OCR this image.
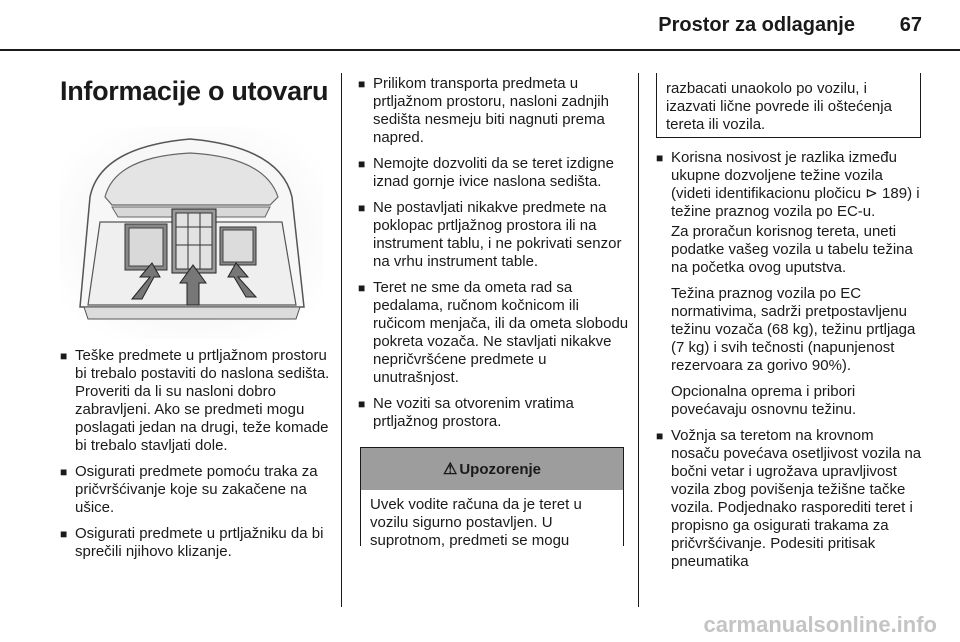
Prostor za odlaganje 67
Informacije o utovaru
■ Teške predmete u prtljažnom prostoru bi trebalo postaviti do naslona sedišta. Proveriti da li su nasloni dobro zabravljeni. Ako se predmeti mogu poslagati jedan na drugi, teže komade bi trebalo stavljati dole.
■ Osigurati predmete pomoću traka za pričvršćivanje koje su zakačene na ušice.
■ Osigurati predmete u prtljažniku da bi sprečili njihovo klizanje.
■ Prilikom transporta predmeta u prtljažnom prostoru, nasloni zadnjih sedišta nesmeju biti nagnuti prema napred.
■ Nemojte dozvoliti da se teret izdigne iznad gornje ivice naslona sedišta.
■ Ne postavljati nikakve predmete na poklopac prtljažnog prostora ili na instrument tablu, i ne pokrivati senzor na vrhu instrument table.
■ Teret ne sme da ometa rad sa pedalama, ručnom kočnicom ili ručicom menjača, ili da ometa slobodu pokreta vozača. Ne stavljati nikakve nepričvršćene predmete u unutrašnjost.
■ Ne voziti sa otvorenim vratima prtljažnog prostora.
⚠ Upozorenje
Uvek vodite računa da je teret u vozilu sigurno postavljen. U suprotnom, predmeti se mogu
razbacati unaokolo po vozilu, i izazvati lične povrede ili oštećenja tereta ili vozila.
■ Korisna nosivost je razlika između ukupne dozvoljene težine vozila (videti identifikacionu pločicu ⊳ 189) i težine praznog vozila po EC-u.

Za proračun korisnog tereta, uneti podatke vašeg vozila u tabelu težina na početka ovog uputstva.

Težina praznog vozila po EC normativima, sadrži pretpostavljenu težinu vozača (68 kg), težinu prtljaga (7 kg) i svih tečnosti (napunjenost rezervoara za gorivo 90%).

Opcionalna oprema i pribori povećavaju osnovnu težinu.

■ Vožnja sa teretom na krovnom nosaču povećava osetljivost vozila na bočni vetar i ugrožava upravljivost vozila zbog povišenja težišne tačke vozila. Podjednako rasporediti teret i propisno ga osigurati trakama za pričvršćivanje. Podesiti pritisak pneumatika
carmanualsonline.info
